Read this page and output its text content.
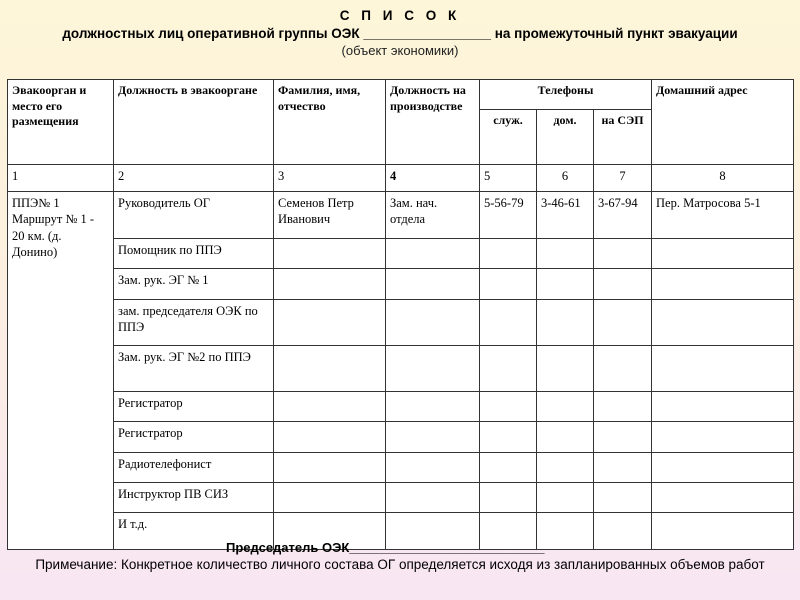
С П И С О К
должностных лиц оперативной группы ОЭК _________________ на промежуточный пункт эвакуации
(объект экономики)
Эвакоорган и место его размещения	Должность в эвакооргане	Фамилия, имя, отчество	Должность на производстве	Телефоны			Домашний адрес
				служ.	дом.	на СЭП	
1	2	3	4	5	6	7	8
ППЭ№ 1 Маршрут № 1 - 20 км. (д. Донино)	Руководитель ОГ	Семенов Петр Иванович	Зам. нач. отдела	5-56-79	3-46-61	3-67-94	Пер. Матросова 5-1
	Помощник по ППЭ						
	Зам. рук. ЭГ № 1						
	зам. председателя ОЭК по ППЭ						
	Зам. рук. ЭГ №2 по ППЭ						
	Регистратор						
	Регистратор						
	Радиотелефонист						
	Инструктор ПВ СИЗ						
	И т.д.						
Председатель ОЭК___________________________
Примечание: Конкретное количество личного состава ОГ определяется исходя из запланированных объемов работ
